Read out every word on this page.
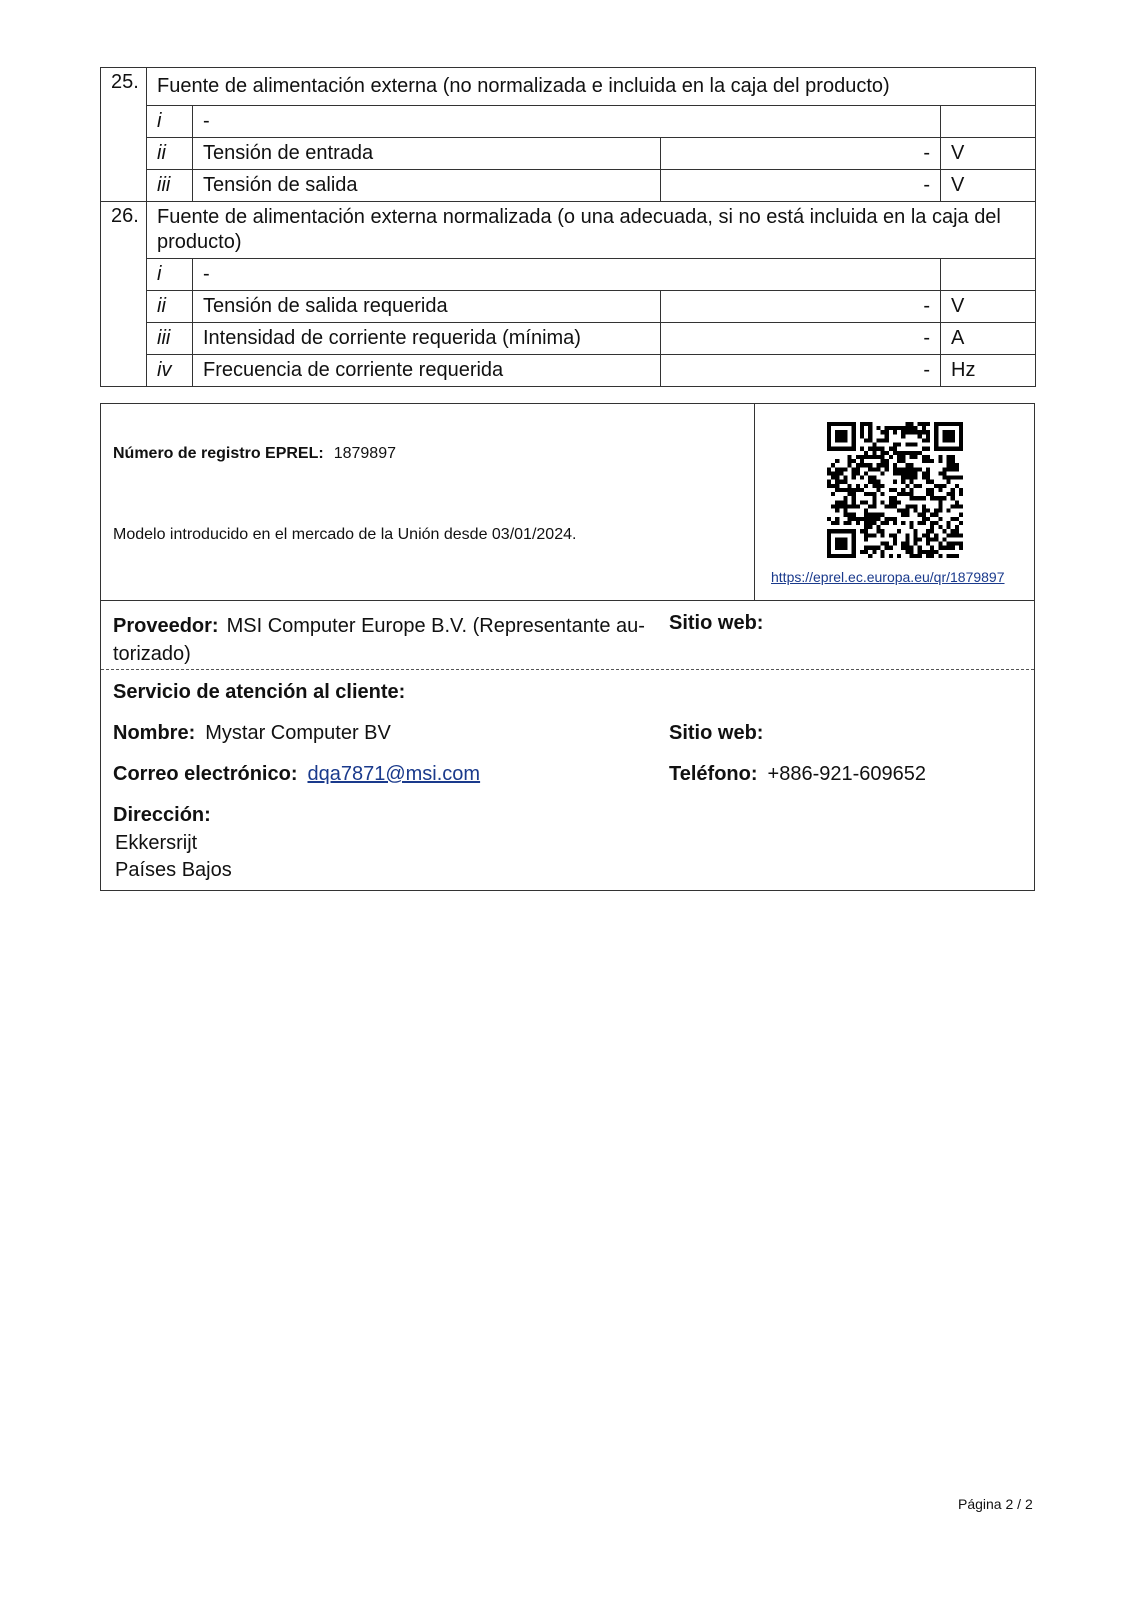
25.	Fuente de alimentación externa (no normalizada e incluida en la caja del producto)			
	i	-		
	ii	Tensión de entrada	-	V
	iii	Tensión de salida	-	V
26.	Fuente de alimentación externa normalizada (o una adecuada, si no está incluida en la caja del producto)			
	i	-		
	ii	Tensión de salida requerida	-	V
	iii	Intensidad de corriente requerida (mínima)	-	A
	iv	Frecuencia de corriente requerida	-	Hz
Número de registro EPREL: 1879897
Modelo introducido en el mercado de la Unión desde 03/01/2024.
https://eprel.ec.europa.eu/qr/1879897
Proveedor: MSI Computer Europe B.V. (Representante au-torizado)
Sitio web:
Servicio de atención al cliente:
Nombre: Mystar Computer BV	Sitio web:
Correo electrónico: dqa7871@msi.com	Teléfono: +886-921-609652
Dirección:
Ekkersrijt
Países Bajos
Página 2 / 2
